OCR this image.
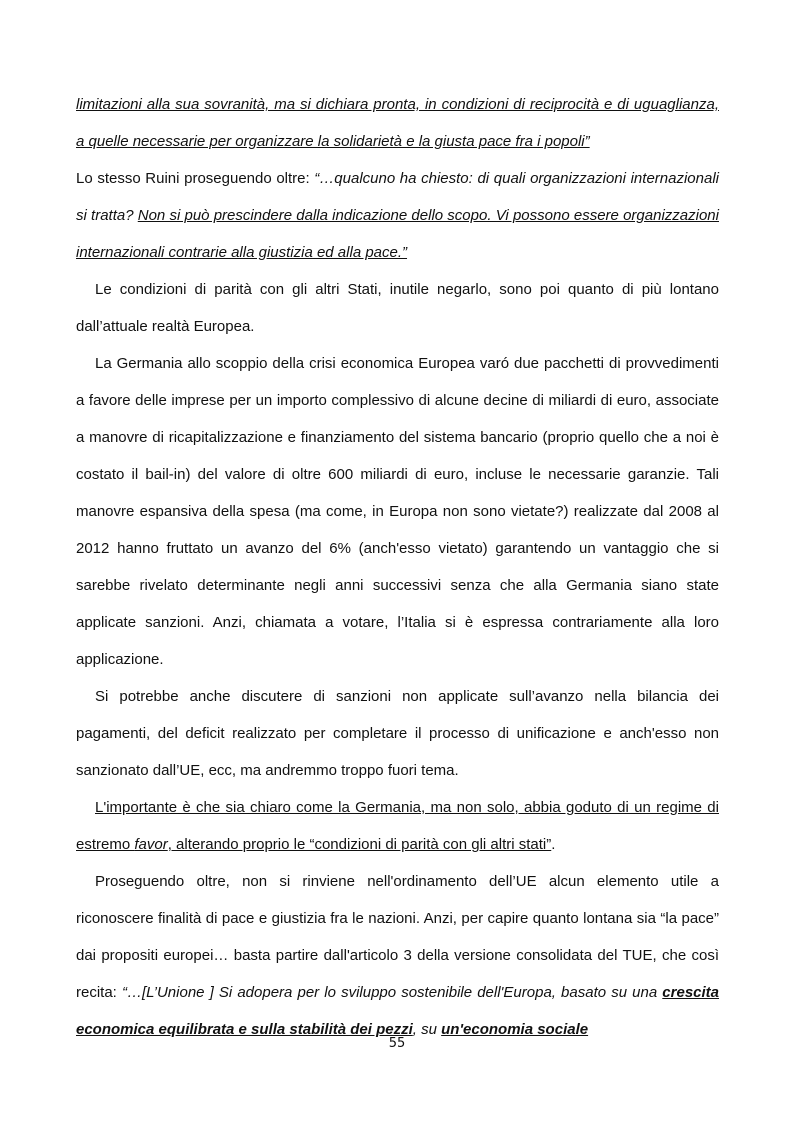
limitazioni alla sua sovranità, ma si dichiara pronta, in condizioni di reciprocità e di uguaglianza, a quelle necessarie per organizzare la solidarietà e la giusta pace fra i popoli”
Lo stesso Ruini proseguendo oltre: “…qualcuno ha chiesto: di quali organizzazioni internazionali si tratta? Non si può prescindere dalla indicazione dello scopo. Vi possono essere organizzazioni internazionali contrarie alla giustizia ed alla pace.”

Le condizioni di parità con gli altri Stati, inutile negarlo, sono poi quanto di più lontano dall’attuale realtà Europea.

La Germania allo scoppio della crisi economica Europea varó due pacchetti di provvedimenti a favore delle imprese per un importo complessivo di alcune decine di miliardi di euro, associate a manovre di ricapitalizzazione e finanziamento del sistema bancario (proprio quello che a noi è costato il bail-in) del valore di oltre 600 miliardi di euro, incluse le necessarie garanzie. Tali manovre espansiva della spesa (ma come, in Europa non sono vietate?) realizzate dal 2008 al 2012 hanno fruttato un avanzo del 6% (anch'esso vietato) garantendo un vantaggio che si sarebbe rivelato determinante negli anni successivi senza che alla Germania siano state applicate sanzioni. Anzi, chiamata a votare, l’Italia si è espressa contrariamente alla loro applicazione.

Si potrebbe anche discutere di sanzioni non applicate sull’avanzo nella bilancia dei pagamenti, del deficit realizzato per completare il processo di unificazione e anch'esso non sanzionato dall’UE, ecc, ma andremmo troppo fuori tema.

L'importante è che sia chiaro come la Germania, ma non solo, abbia goduto di un regime di estremo favor, alterando proprio le “condizioni di parità con gli altri stati”.

Proseguendo oltre, non si rinviene nell'ordinamento dell’UE alcun elemento utile a riconoscere finalità di pace e giustizia fra le nazioni. Anzi, per capire quanto lontana sia “la pace” dai propositi europei… basta partire dall'articolo 3 della versione consolidata del TUE, che così recita: “…[L’Unione ] Si adopera per lo sviluppo sostenibile dell'Europa, basato su una crescita economica equilibrata e sulla stabilità dei pezzi, su un'economia sociale

55
